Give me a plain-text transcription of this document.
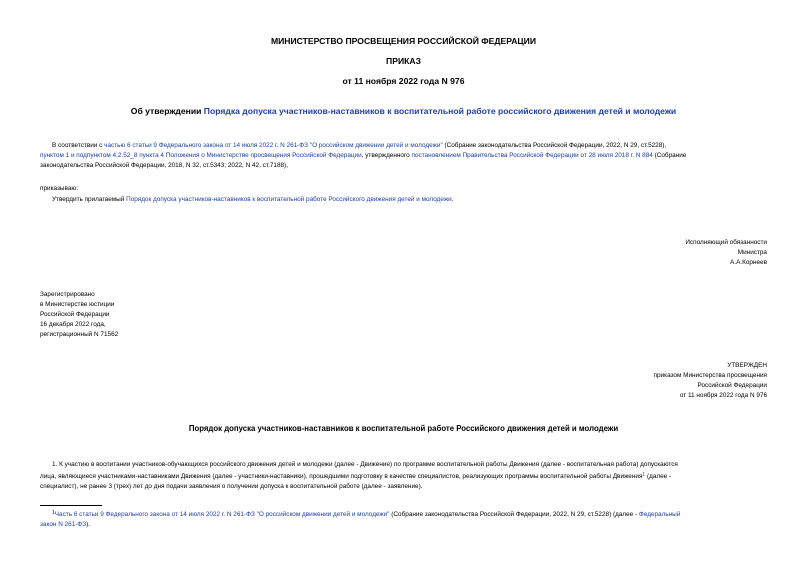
МИНИСТЕРСТВО ПРОСВЕЩЕНИЯ РОССИЙСКОЙ ФЕДЕРАЦИИ
ПРИКАЗ
от 11 ноября 2022 года N 976
Об утверждении Порядка допуска участников-наставников к воспитательной работе российского движения детей и молодежи
В соответствии с частью 6 статьи 9 Федерального закона от 14 июля 2022 г. N 261-ФЗ "О российском движении детей и молодежи" (Собрание законодательства Российской Федерации, 2022, N 29, ст.5228),
пунктом 1 и подпунктом 4.2.52_8 пункта 4 Положения о Министерстве просвещения Российской Федерации, утвержденного постановлением Правительства Российской Федерации от 28 июля 2018 г. N 884 (Собрание
законодательства Российской Федерации, 2018, N 32, ст.5343; 2022, N 42, ст.7188),
приказываю:
Утвердить прилагаемый Порядок допуска участников-наставников к воспитательной работе Российского движения детей и молодежи.
Исполняющий обязанности
Министра
А.А.Корнеев
Зарегистрировано
в Министерстве юстиции
Российской Федерации
16 декабря 2022 года,
регистрационный N 71562
УТВЕРЖДЕН
приказом Министерства просвещения
Российской Федерации
от 11 ноября 2022 года N 976
Порядок допуска участников-наставников к воспитательной работе Российского движения детей и молодежи
1. К участию в воспитании участников-обучающихся российского движения детей и молодежи (далее - Движение) по программе воспитательной работы Движения (далее - воспитательная работа) допускаются
лица, являющиеся участниками-наставниками Движения (далее - участники-наставники), прошедшими подготовку в качестве специалистов, реализующих программы воспитательной работы Движения$^1$ (далее -
специалист), не ранее 3 (трех) лет до дня подачи заявления о получении допуска к воспитательной работе (далее - заявление).
$^1$Часть 6 статьи 9 Федерального закона от 14 июля 2022 г. N 261-ФЗ "О российском движении детей и молодежи" (Собрание законодательства Российской Федерации, 2022, N 29, ст.5228) (далее - Федеральный
закон N 261-ФЗ).
